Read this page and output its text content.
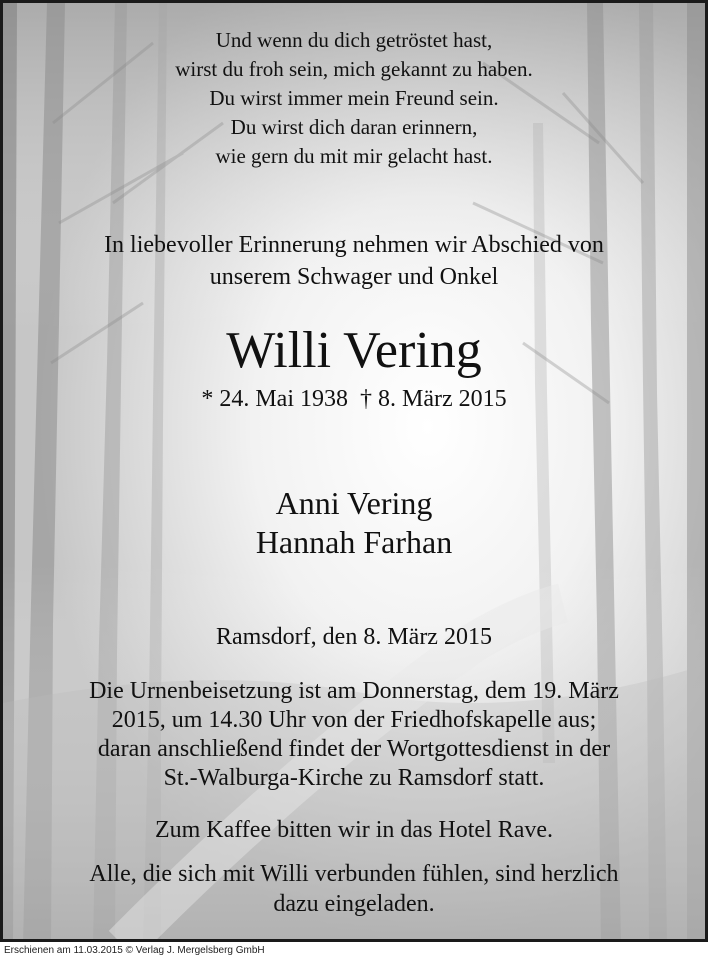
Und wenn du dich getröstet hast,
wirst du froh sein, mich gekannt zu haben.
Du wirst immer mein Freund sein.
Du wirst dich daran erinnern,
wie gern du mit mir gelacht hast.
In liebevoller Erinnerung nehmen wir Abschied von
unserem Schwager und Onkel
Willi Vering
* 24. Mai 1938  † 8. März 2015
Anni Vering
Hannah Farhan
Ramsdorf, den 8. März 2015
Die Urnenbeisetzung ist am Donnerstag, dem 19. März
2015, um 14.30 Uhr von der Friedhofskapelle aus;
daran anschließend findet der Wortgottesdienst in der
St.-Walburga-Kirche zu Ramsdorf statt.
Zum Kaffee bitten wir in das Hotel Rave.
Alle, die sich mit Willi verbunden fühlen, sind herzlich
dazu eingeladen.
Erschienen am 11.03.2015 © Verlag J. Mergelsberg GmbH
